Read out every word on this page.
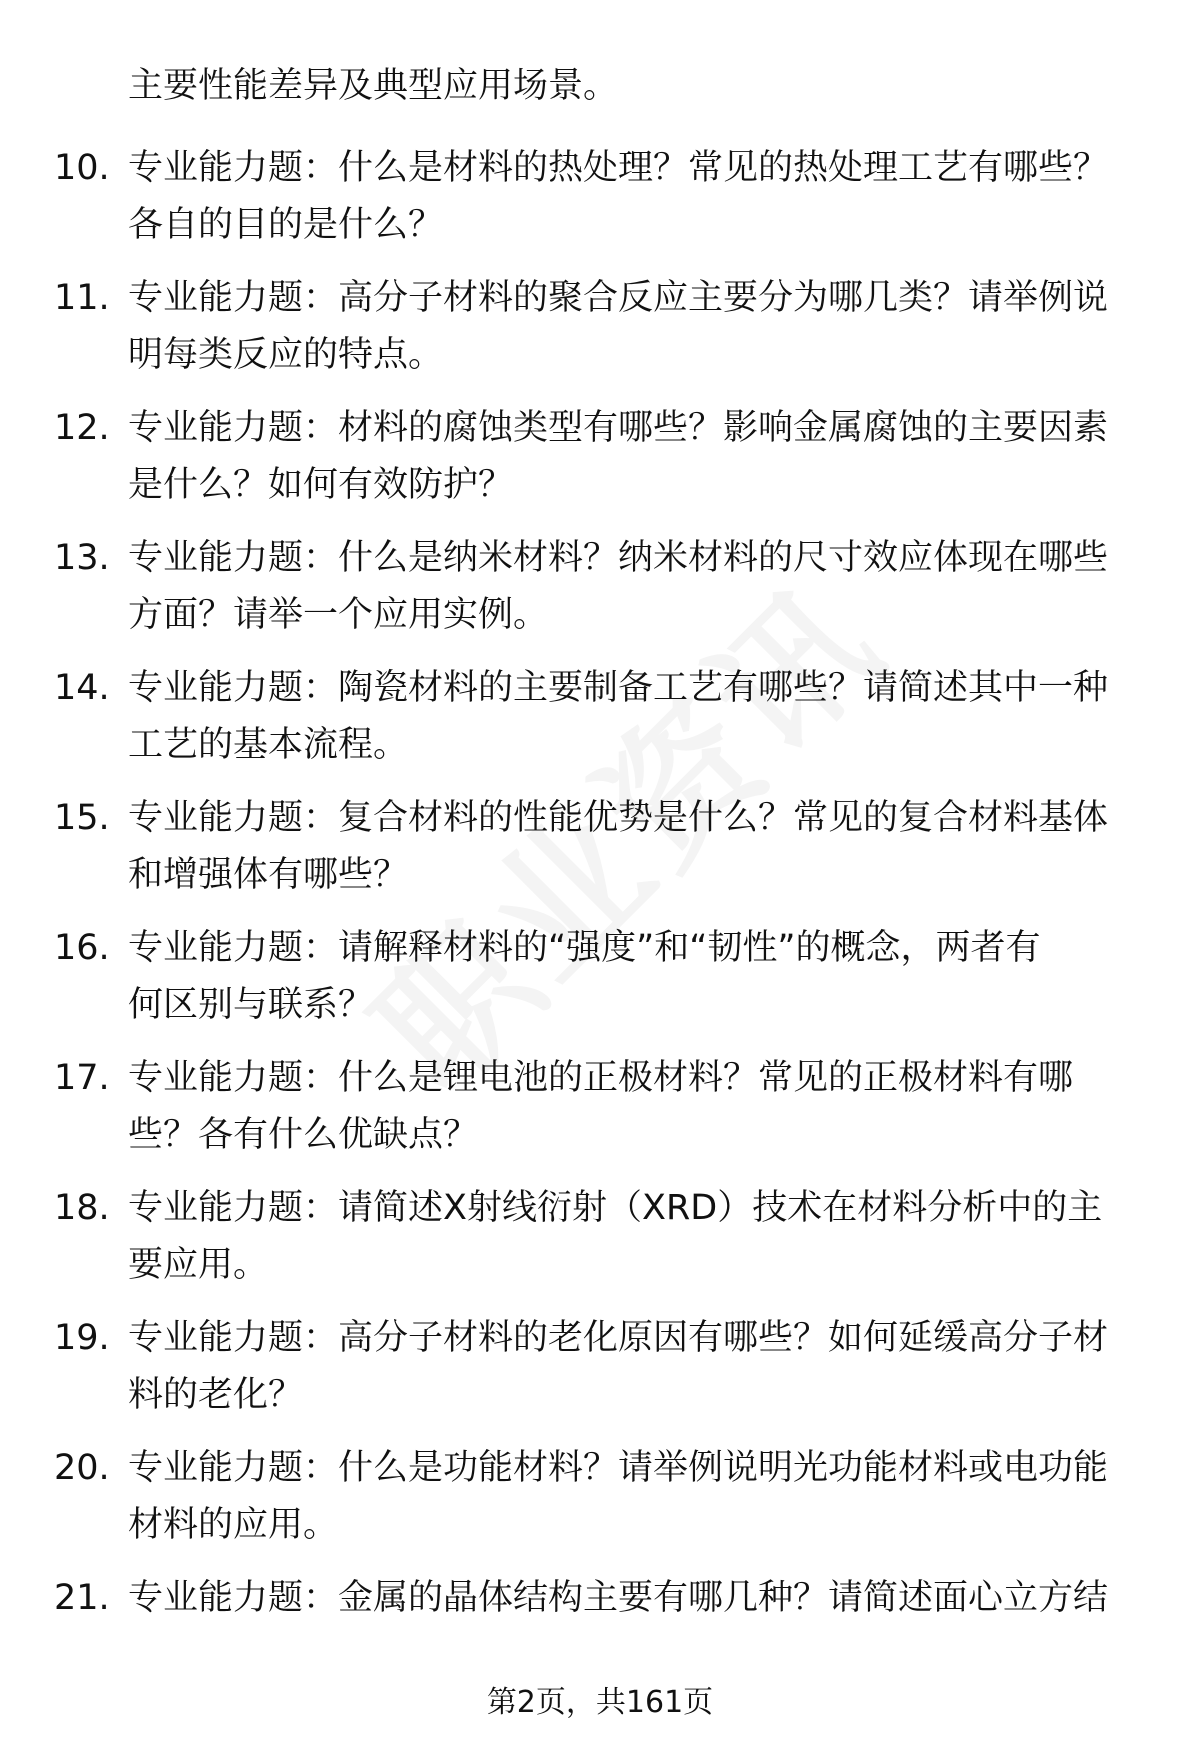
主要性能差异及典型应用场景。
10. 专业能力题：什么是材料的热处理？常见的热处理工艺有哪些？
各自的目的是什么？
11. 专业能力题：高分子材料的聚合反应主要分为哪几类？请举例说
明每类反应的特点。
12. 专业能力题：材料的腐蚀类型有哪些？影响金属腐蚀的主要因素
是什么？如何有效防护？
13. 专业能力题：什么是纳米材料？纳米材料的尺寸效应体现在哪些
方面？请举一个应用实例。
14. 专业能力题：陶瓷材料的主要制备工艺有哪些？请简述其中一种
工艺的基本流程。
15. 专业能力题：复合材料的性能优势是什么？常见的复合材料基体
和增强体有哪些？
16. 专业能力题：请解释材料的“强度”和“韧性”的概念，两者有
何区别与联系？
17. 专业能力题：什么是锂电池的正极材料？常见的正极材料有哪
些？各有什么优缺点？
18. 专业能力题：请简述X射线衍射（XRD）技术在材料分析中的主
要应用。
19. 专业能力题：高分子材料的老化原因有哪些？如何延缓高分子材
料的老化？
20. 专业能力题：什么是功能材料？请举例说明光功能材料或电功能
材料的应用。
21. 专业能力题：金属的晶体结构主要有哪几种？请简述面心立方结
第2页，共161页
